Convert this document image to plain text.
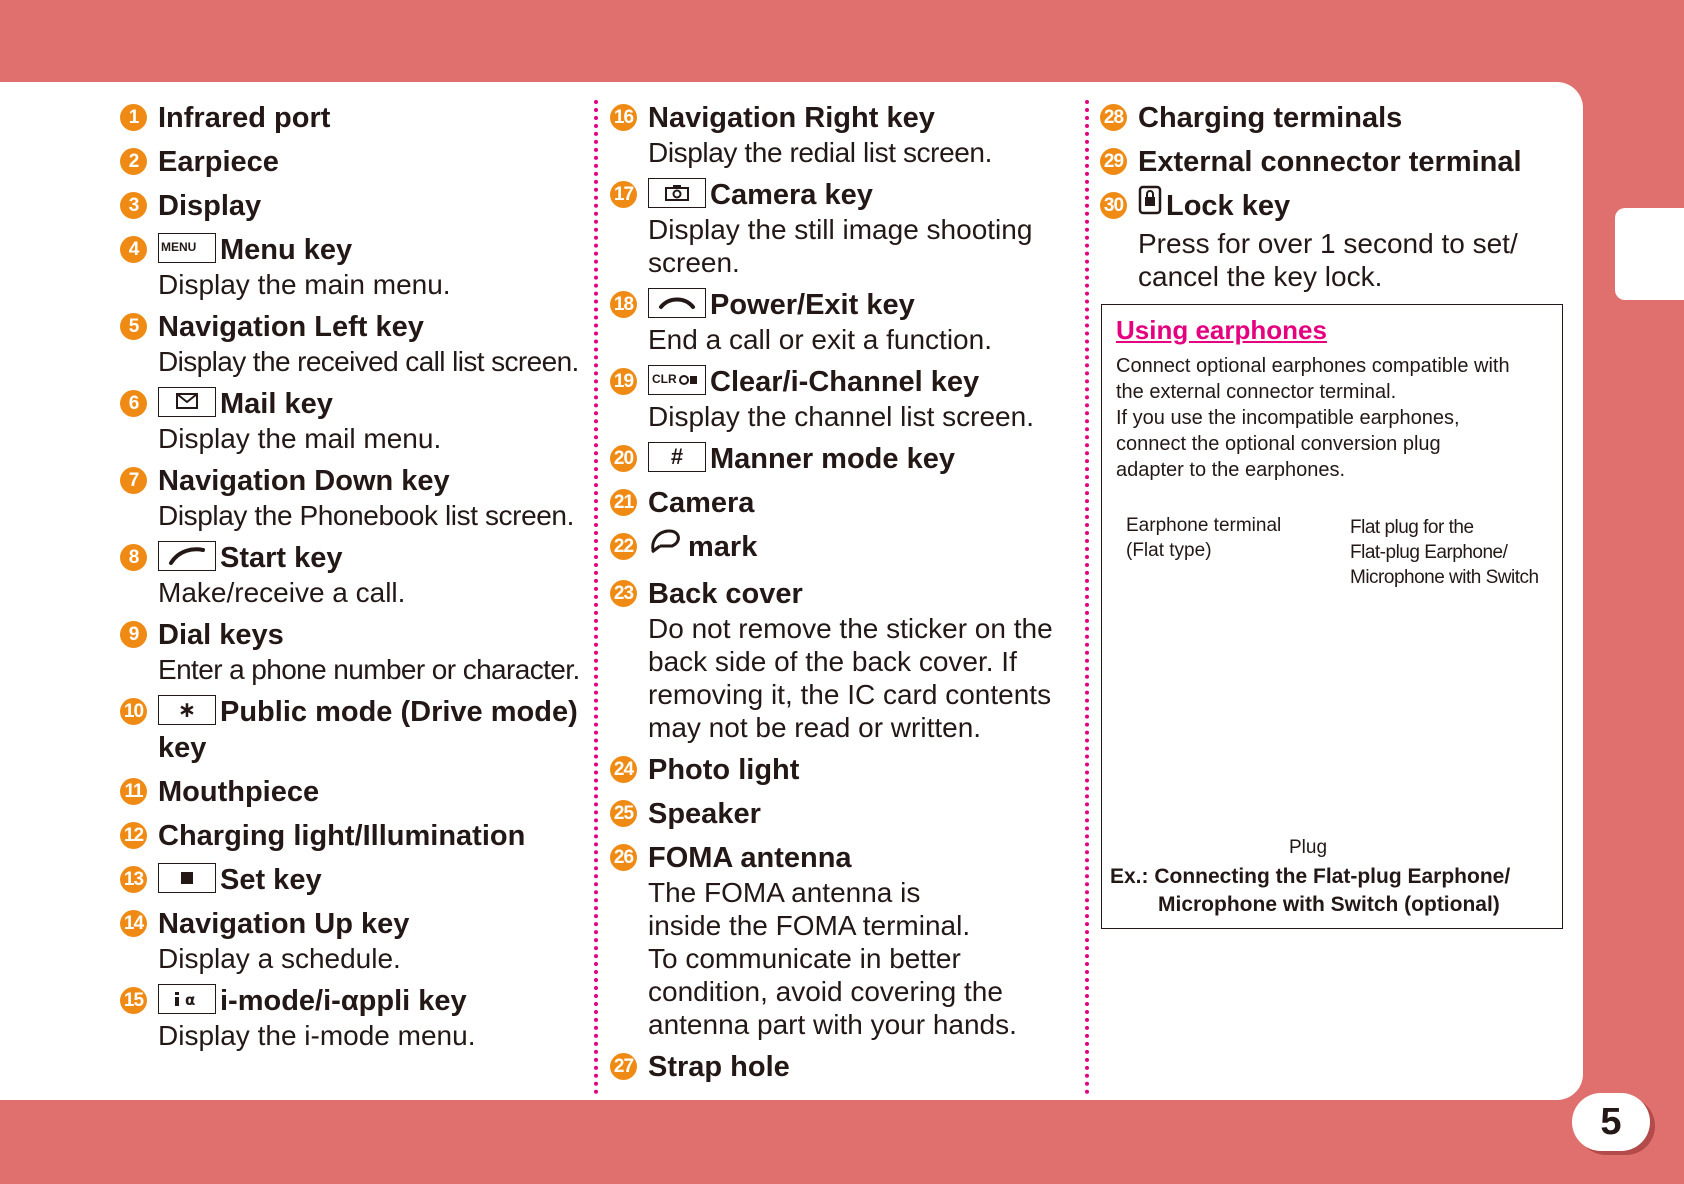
5
1 Infrared port
2 Earpiece
3 Display
4	MENU Menu key
Display the main menu.
5 Navigation Left key
Display the received call list screen.
6	Mail key
Display the mail menu.
7 Navigation Down key
Display the Phonebook list screen.
8	Start key
Make/receive a call.
9 Dial keys
Enter a phone number or character.
10	∗ Public mode (Drive mode)
key
11 Mouthpiece
12 Charging light/Illumination
13	Set key
14 Navigation Up key
Display a schedule.
15	α i-mode/i-αppli key
Display the i-mode menu.
16 Navigation Right key
Display the redial list screen.
17	Camera key
Display the still image shooting
screen.
18	Power/Exit key
End a call or exit a function.
19	CLR Clear/i-Channel key
Display the channel list screen.
20	# Manner mode key
21 Camera
22	mark
23 Back cover
Do not remove the sticker on the
back side of the back cover. If
removing it, the IC card contents
may not be read or written.
24 Photo light
25 Speaker
26 FOMA antenna
The FOMA antenna is
inside the FOMA terminal.
To communicate in better
condition, avoid covering the
antenna part with your hands.
27 Strap hole
28 Charging terminals
29 External connector terminal
30	Lock key
Press for over 1 second to set/
cancel the key lock.
Using earphones
Connect optional earphones compatible with
the external connector terminal.
If you use the incompatible earphones,
connect the optional conversion plug
adapter to the earphones.
Earphone terminal
(Flat type)
Flat plug for the
Flat-plug Earphone/
Microphone with Switch
Plug
Ex.: Connecting the Flat-plug Earphone/
Microphone with Switch (optional)
